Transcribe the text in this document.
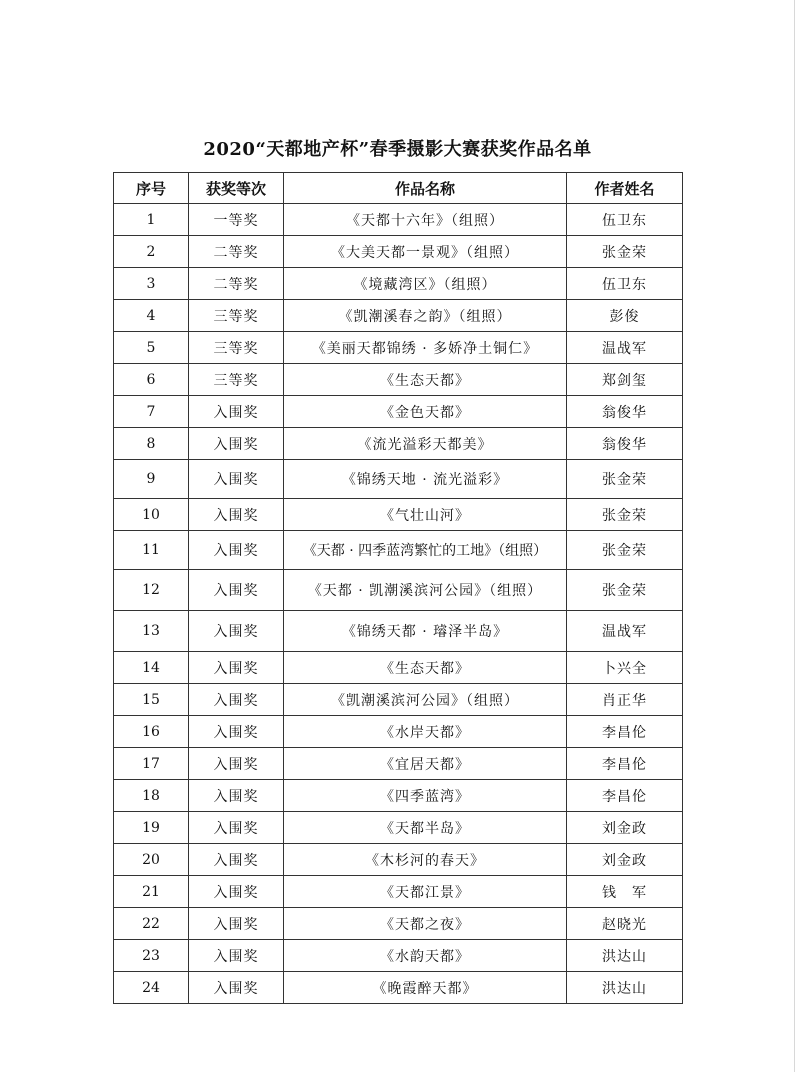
2020“天都地产杯”春季摄影大赛获奖作品名单
序号	获奖等次	作品名称	作者姓名
1	一等奖	《天都十六年》（组照）	伍卫东
2	二等奖	《大美天都一景观》（组照）	张金荣
3	二等奖	《境藏湾区》（组照）	伍卫东
4	三等奖	《凯潮溪春之韵》（组照）	彭俊
5	三等奖	《美丽天都锦绣 · 多娇净土铜仁》	温战军
6	三等奖	《生态天都》	郑剑玺
7	入围奖	《金色天都》	翁俊华
8	入围奖	《流光溢彩天都美》	翁俊华
9	入围奖	《锦绣天地 · 流光溢彩》	张金荣
10	入围奖	《气壮山河》	张金荣
11	入围奖	《天都 · 四季蓝湾繁忙的工地》（组照）	张金荣
12	入围奖	《天都 · 凯潮溪滨河公园》（组照）	张金荣
13	入围奖	《锦绣天都 · 璿泽半岛》	温战军
14	入围奖	《生态天都》	卜兴全
15	入围奖	《凯潮溪滨河公园》（组照）	肖正华
16	入围奖	《水岸天都》	李昌伦
17	入围奖	《宜居天都》	李昌伦
18	入围奖	《四季蓝湾》	李昌伦
19	入围奖	《天都半岛》	刘金政
20	入围奖	《木杉河的春天》	刘金政
21	入围奖	《天都江景》	钱　军
22	入围奖	《天都之夜》	赵晓光
23	入围奖	《水韵天都》	洪达山
24	入围奖	《晚霞醉天都》	洪达山
